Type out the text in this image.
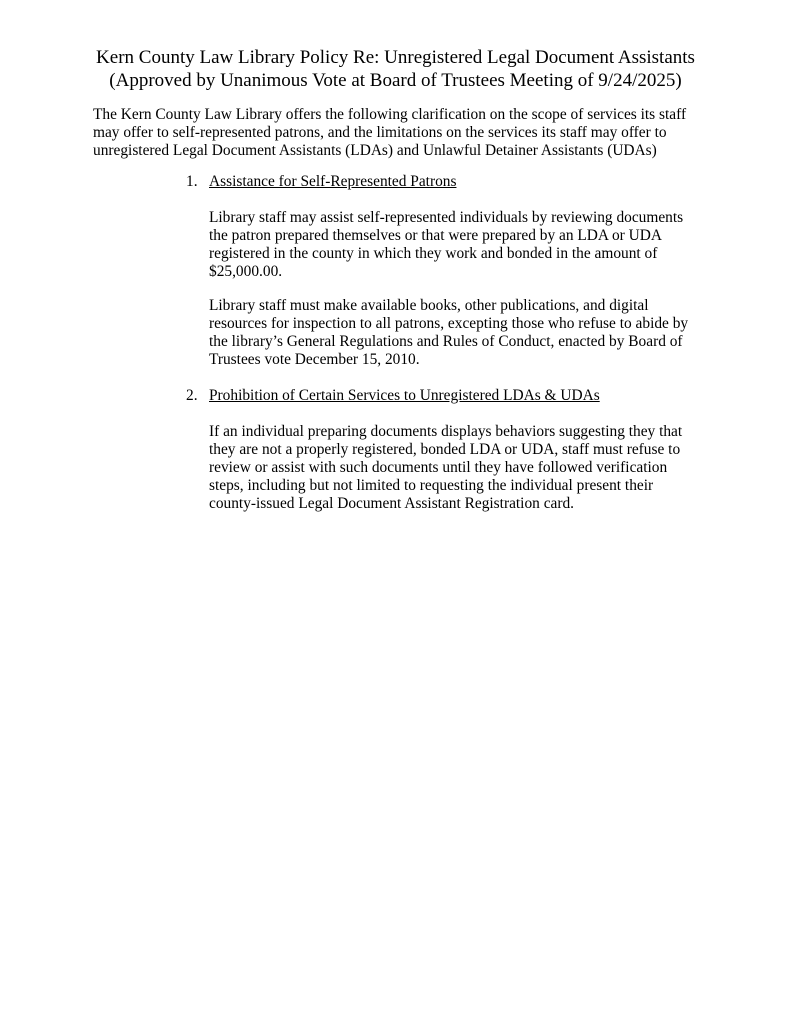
Kern County Law Library Policy Re: Unregistered Legal Document Assistants
(Approved by Unanimous Vote at Board of Trustees Meeting of 9/24/2025)
The Kern County Law Library offers the following clarification on the scope of services its staff
may offer to self-represented patrons, and the limitations on the services its staff may offer to
unregistered Legal Document Assistants (LDAs) and Unlawful Detainer Assistants (UDAs)
1. Assistance for Self-Represented Patrons
Library staff may assist self-represented individuals by reviewing documents
the patron prepared themselves or that were prepared by an LDA or UDA
registered in the county in which they work and bonded in the amount of
$25,000.00.
Library staff must make available books, other publications, and digital
resources for inspection to all patrons, excepting those who refuse to abide by
the library’s General Regulations and Rules of Conduct, enacted by Board of
Trustees vote December 15, 2010.
2. Prohibition of Certain Services to Unregistered LDAs & UDAs
If an individual preparing documents displays behaviors suggesting they that
they are not a properly registered, bonded LDA or UDA, staff must refuse to
review or assist with such documents until they have followed verification
steps, including but not limited to requesting the individual present their
county-issued Legal Document Assistant Registration card.
